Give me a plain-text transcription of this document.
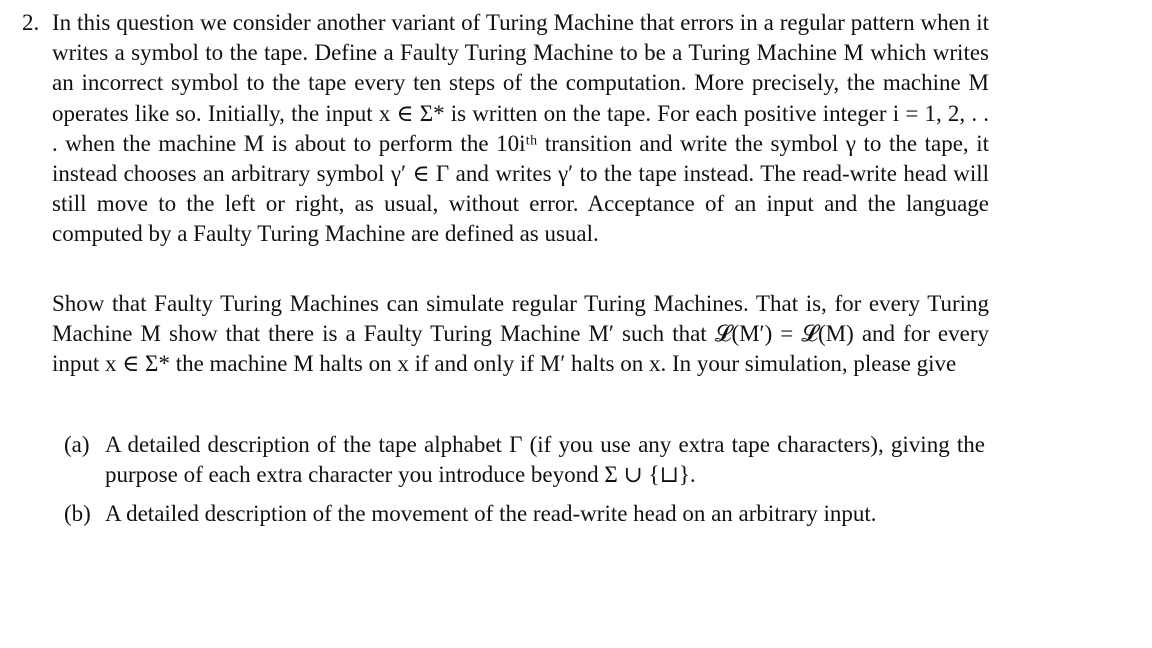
2. In this question we consider another variant of Turing Machine that errors in a regular pattern when it writes a symbol to the tape. Define a Faulty Turing Machine to be a Turing Machine M which writes an incorrect symbol to the tape every ten steps of the computation. More precisely, the machine M operates like so. Initially, the input x ∈ Σ* is written on the tape. For each positive integer i = 1, 2, . . . when the machine M is about to perform the 10iᵗʰ transition and write the symbol γ to the tape, it instead chooses an arbitrary symbol γ′ ∈ Γ and writes γ′ to the tape instead. The read-write head will still move to the left or right, as usual, without error. Acceptance of an input and the language computed by a Faulty Turing Machine are defined as usual.
Show that Faulty Turing Machines can simulate regular Turing Machines. That is, for every Turing Machine M show that there is a Faulty Turing Machine M′ such that 𝓛(M′) = 𝓛(M) and for every input x ∈ Σ* the machine M halts on x if and only if M′ halts on x. In your simulation, please give
(a) A detailed description of the tape alphabet Γ (if you use any extra tape characters), giving the purpose of each extra character you introduce beyond Σ ∪ {⊔}.
(b) A detailed description of the movement of the read-write head on an arbitrary input.
